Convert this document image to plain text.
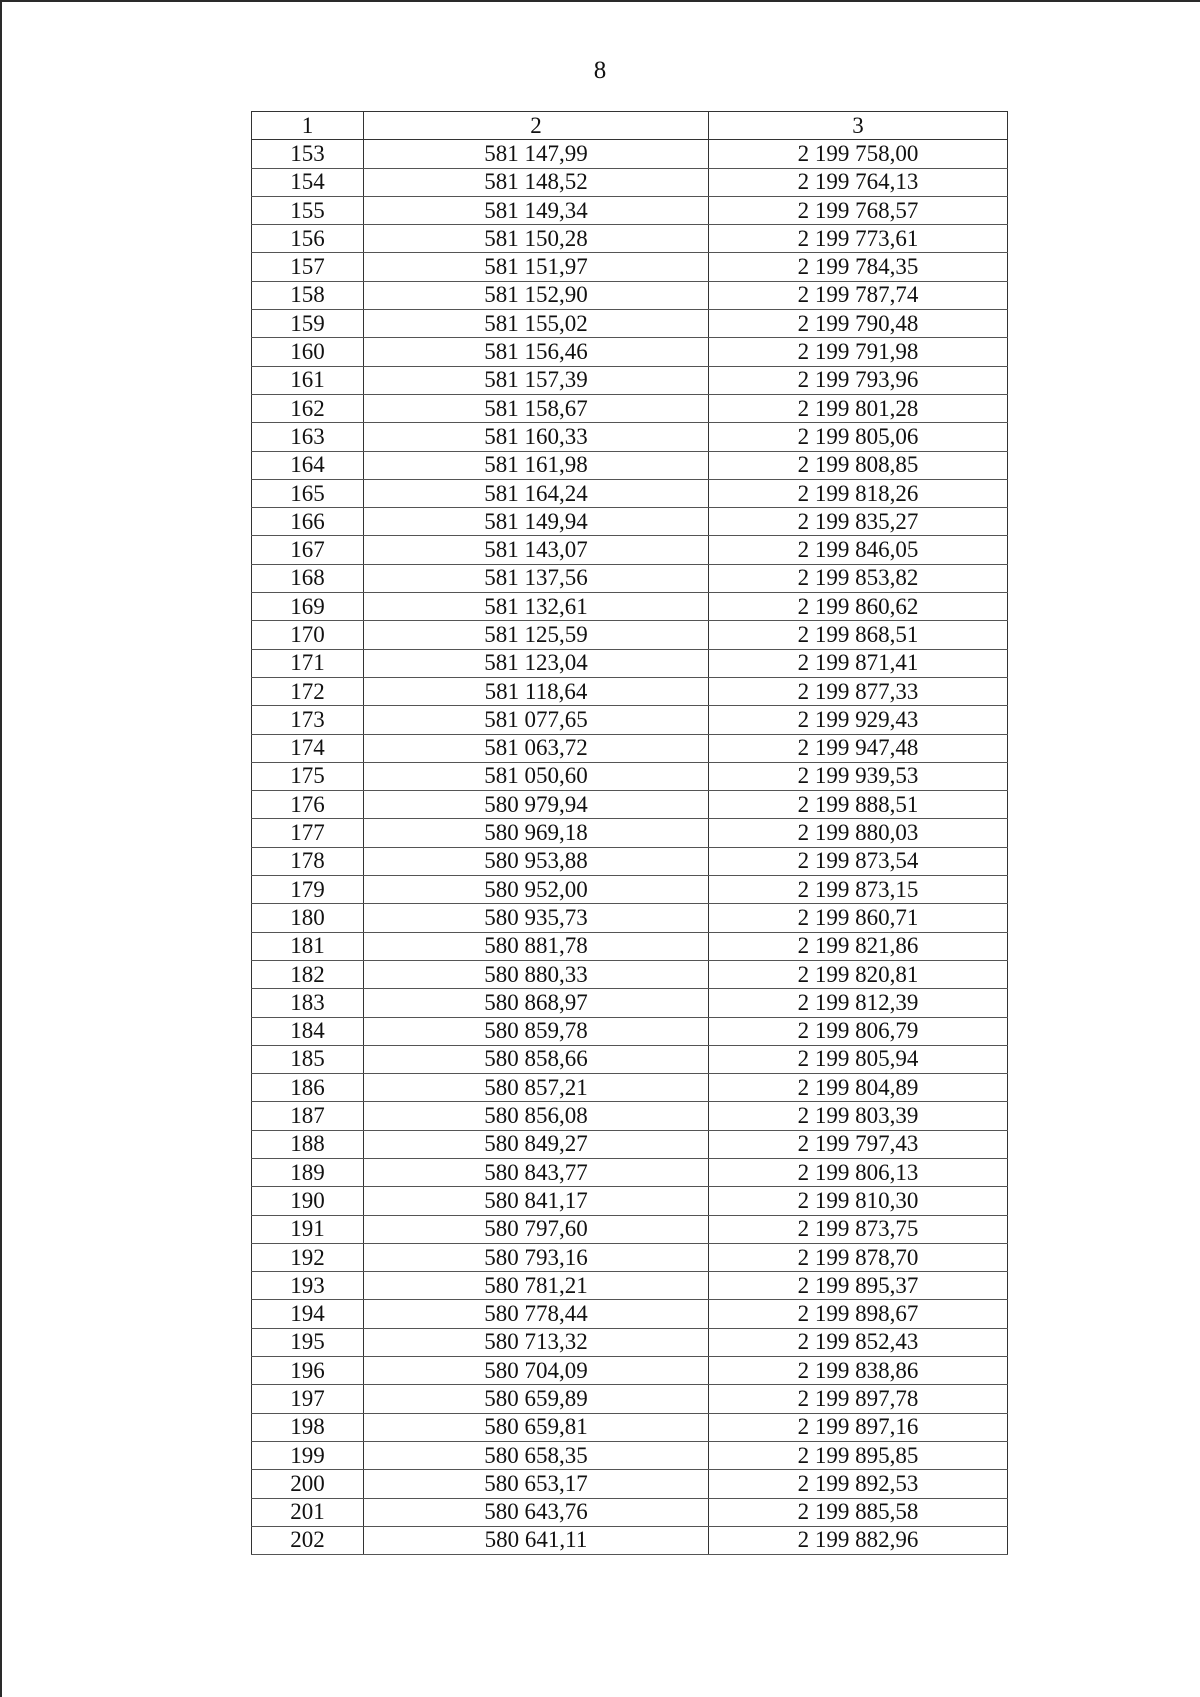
8
1	2	3
153	581 147,99	2 199 758,00
154	581 148,52	2 199 764,13
155	581 149,34	2 199 768,57
156	581 150,28	2 199 773,61
157	581 151,97	2 199 784,35
158	581 152,90	2 199 787,74
159	581 155,02	2 199 790,48
160	581 156,46	2 199 791,98
161	581 157,39	2 199 793,96
162	581 158,67	2 199 801,28
163	581 160,33	2 199 805,06
164	581 161,98	2 199 808,85
165	581 164,24	2 199 818,26
166	581 149,94	2 199 835,27
167	581 143,07	2 199 846,05
168	581 137,56	2 199 853,82
169	581 132,61	2 199 860,62
170	581 125,59	2 199 868,51
171	581 123,04	2 199 871,41
172	581 118,64	2 199 877,33
173	581 077,65	2 199 929,43
174	581 063,72	2 199 947,48
175	581 050,60	2 199 939,53
176	580 979,94	2 199 888,51
177	580 969,18	2 199 880,03
178	580 953,88	2 199 873,54
179	580 952,00	2 199 873,15
180	580 935,73	2 199 860,71
181	580 881,78	2 199 821,86
182	580 880,33	2 199 820,81
183	580 868,97	2 199 812,39
184	580 859,78	2 199 806,79
185	580 858,66	2 199 805,94
186	580 857,21	2 199 804,89
187	580 856,08	2 199 803,39
188	580 849,27	2 199 797,43
189	580 843,77	2 199 806,13
190	580 841,17	2 199 810,30
191	580 797,60	2 199 873,75
192	580 793,16	2 199 878,70
193	580 781,21	2 199 895,37
194	580 778,44	2 199 898,67
195	580 713,32	2 199 852,43
196	580 704,09	2 199 838,86
197	580 659,89	2 199 897,78
198	580 659,81	2 199 897,16
199	580 658,35	2 199 895,85
200	580 653,17	2 199 892,53
201	580 643,76	2 199 885,58
202	580 641,11	2 199 882,96
